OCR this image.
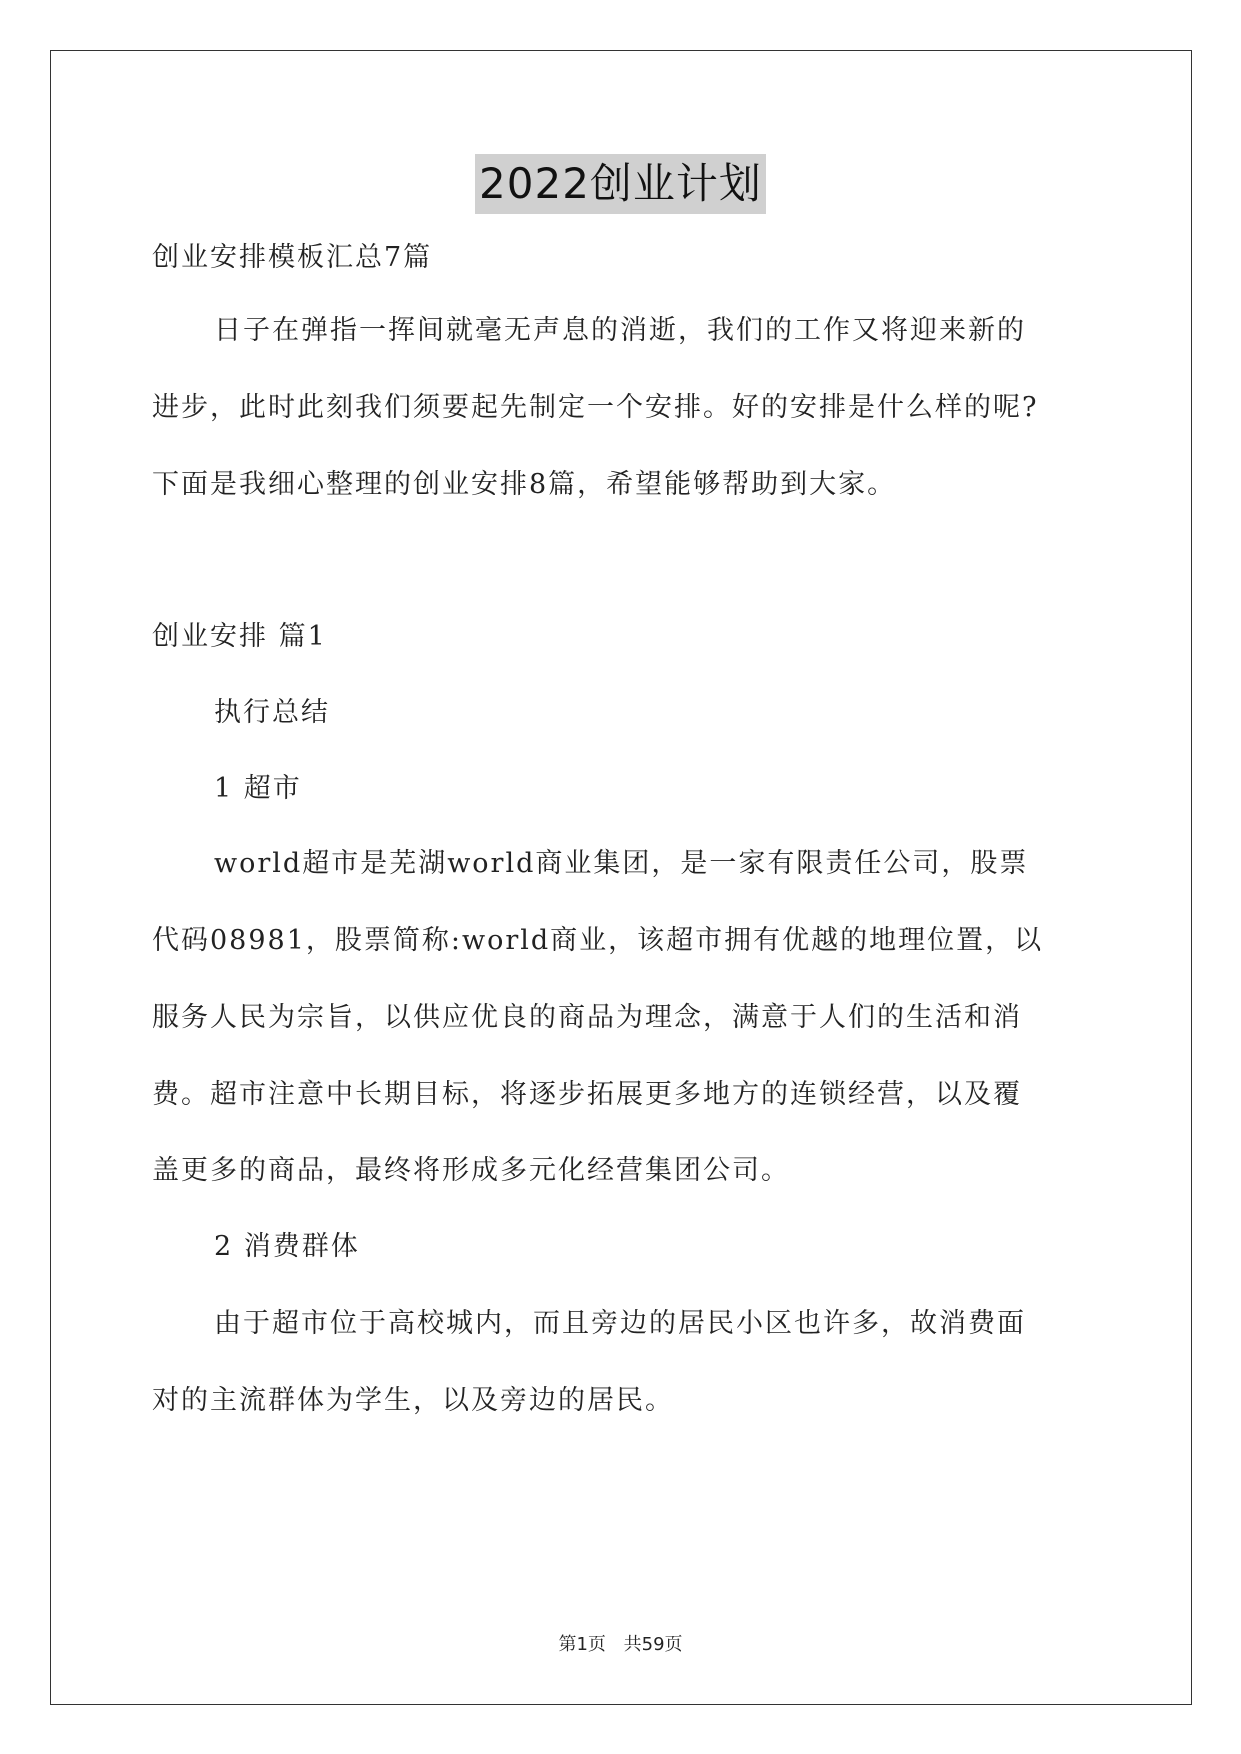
2022创业计划
创业安排模板汇总7篇
日子在弹指一挥间就毫无声息的消逝，我们的工作又将迎来新的
进步，此时此刻我们须要起先制定一个安排。好的安排是什么样的呢?
下面是我细心整理的创业安排8篇，希望能够帮助到大家。
创业安排 篇1
执行总结
1 超市
world超市是芜湖world商业集团，是一家有限责任公司，股票
代码08981，股票简称:world商业，该超市拥有优越的地理位置，以
服务人民为宗旨，以供应优良的商品为理念，满意于人们的生活和消
费。超市注意中长期目标，将逐步拓展更多地方的连锁经营，以及覆
盖更多的商品，最终将形成多元化经营集团公司。
2 消费群体
由于超市位于高校城内，而且旁边的居民小区也许多，故消费面
对的主流群体为学生，以及旁边的居民。
第1页 共59页
